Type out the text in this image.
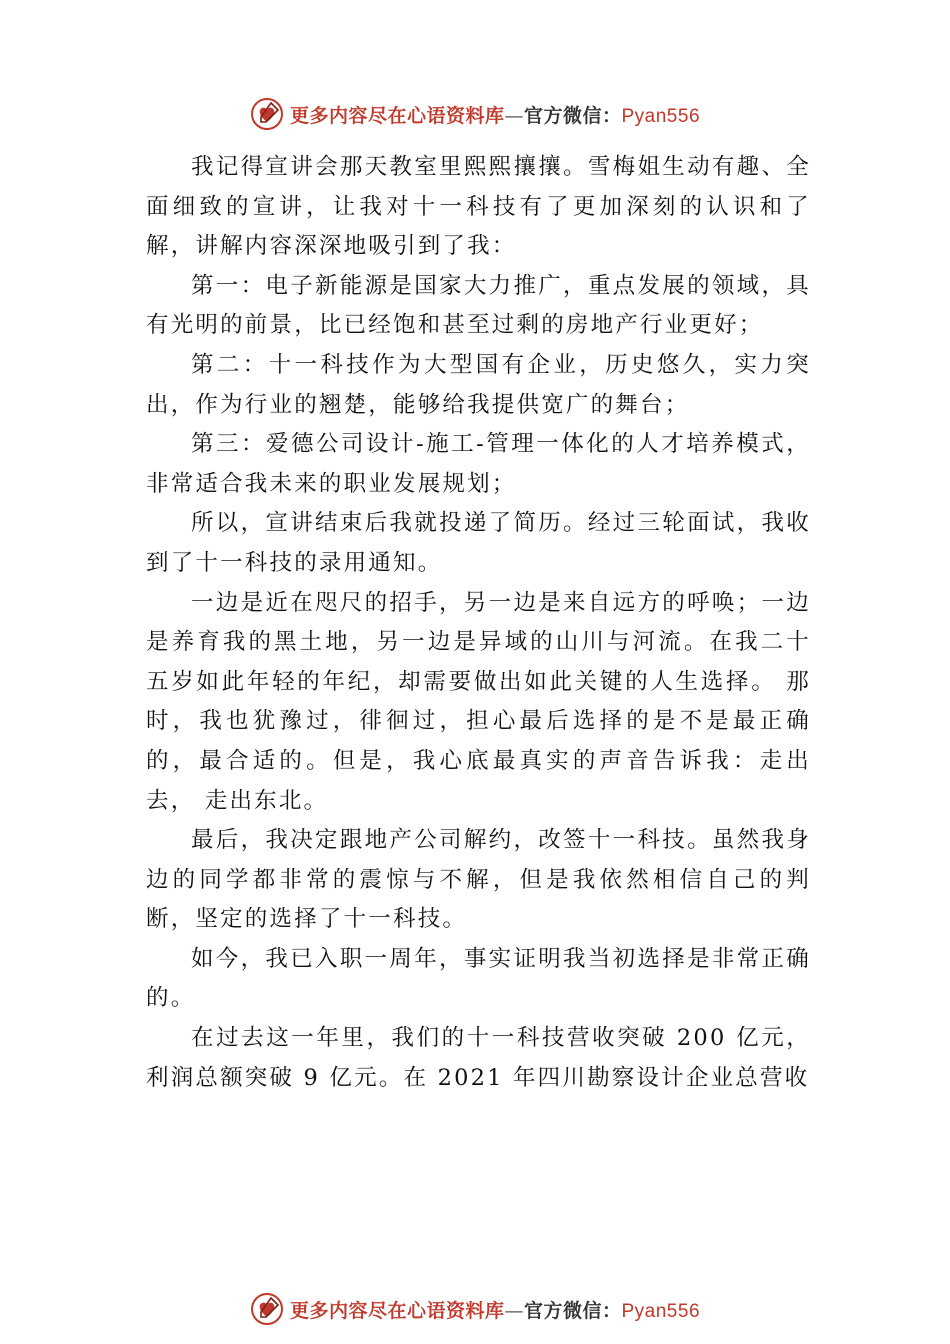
更多内容尽在心语资料库—官方微信：Pyan556

我记得宣讲会那天教室里熙熙攘攘。雪梅姐生动有趣、全面细致的宣讲，让我对十一科技有了更加深刻的认识和了解，讲解内容深深地吸引到了我：

第一：电子新能源是国家大力推广，重点发展的领域，具有光明的前景，比已经饱和甚至过剩的房地产行业更好；

第二：十一科技作为大型国有企业，历史悠久，实力突出，作为行业的翘楚，能够给我提供宽广的舞台；

第三：爱德公司设计-施工-管理一体化的人才培养模式，非常适合我未来的职业发展规划；

所以，宣讲结束后我就投递了简历。经过三轮面试，我收到了十一科技的录用通知。

一边是近在咫尺的招手，另一边是来自远方的呼唤；一边是养育我的黑土地，另一边是异域的山川与河流。在我二十五岁如此年轻的年纪，却需要做出如此关键的人生选择。 那时，我也犹豫过，徘徊过，担心最后选择的是不是最正确的，最合适的。但是，我心底最真实的声音告诉我：走出去， 走出东北。

最后，我决定跟地产公司解约，改签十一科技。虽然我身边的同学都非常的震惊与不解，但是我依然相信自己的判断，坚定的选择了十一科技。

如今，我已入职一周年，事实证明我当初选择是非常正确的。

在过去这一年里，我们的十一科技营收突破 200 亿元，利润总额突破 9 亿元。在 2021 年四川勘察设计企业总营收

更多内容尽在心语资料库—官方微信：Pyan556
